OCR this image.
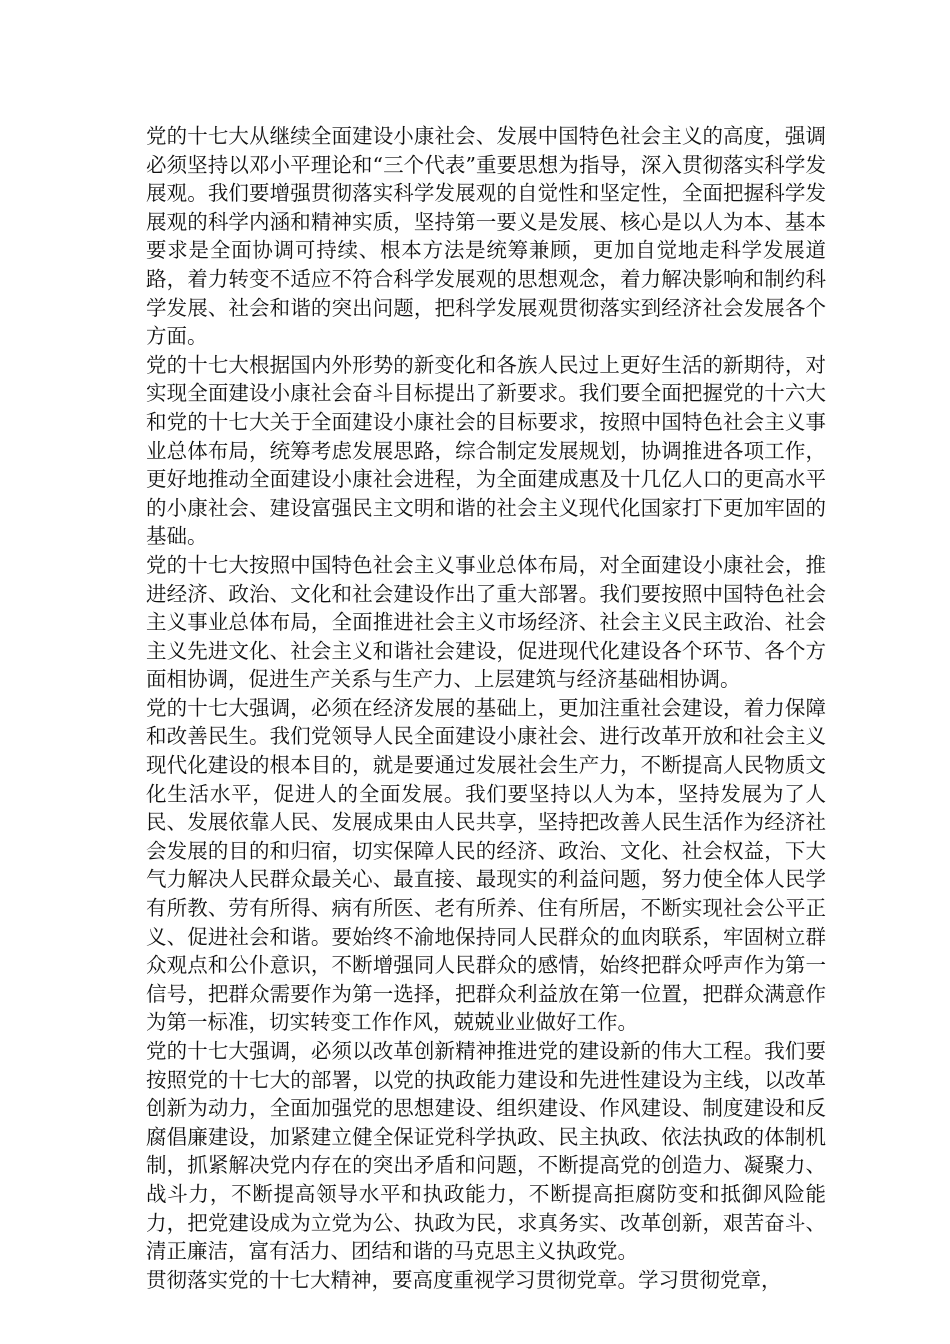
党的十七大从继续全面建设小康社会、发展中国特色社会主义的高度，强调必须坚持以邓小平理论和“三个代表”重要思想为指导，深入贯彻落实科学发展观。我们要增强贯彻落实科学发展观的自觉性和坚定性，全面把握科学发展观的科学内涵和精神实质，坚持第一要义是发展、核心是以人为本、基本要求是全面协调可持续、根本方法是统筹兼顾，更加自觉地走科学发展道路，着力转变不适应不符合科学发展观的思想观念，着力解决影响和制约科学发展、社会和谐的突出问题，把科学发展观贯彻落实到经济社会发展各个方面。

党的十七大根据国内外形势的新变化和各族人民过上更好生活的新期待，对实现全面建设小康社会奋斗目标提出了新要求。我们要全面把握党的十六大和党的十七大关于全面建设小康社会的目标要求，按照中国特色社会主义事业总体布局，统筹考虑发展思路，综合制定发展规划，协调推进各项工作，更好地推动全面建设小康社会进程，为全面建成惠及十几亿人口的更高水平的小康社会、建设富强民主文明和谐的社会主义现代化国家打下更加牢固的基础。

党的十七大按照中国特色社会主义事业总体布局，对全面建设小康社会，推进经济、政治、文化和社会建设作出了重大部署。我们要按照中国特色社会主义事业总体布局，全面推进社会主义市场经济、社会主义民主政治、社会主义先进文化、社会主义和谐社会建设，促进现代化建设各个环节、各个方面相协调，促进生产关系与生产力、上层建筑与经济基础相协调。

党的十七大强调，必须在经济发展的基础上，更加注重社会建设，着力保障和改善民生。我们党领导人民全面建设小康社会、进行改革开放和社会主义现代化建设的根本目的，就是要通过发展社会生产力，不断提高人民物质文化生活水平，促进人的全面发展。我们要坚持以人为本，坚持发展为了人民、发展依靠人民、发展成果由人民共享，坚持把改善人民生活作为经济社会发展的目的和归宿，切实保障人民的经济、政治、文化、社会权益，下大气力解决人民群众最关心、最直接、最现实的利益问题，努力使全体人民学有所教、劳有所得、病有所医、老有所养、住有所居，不断实现社会公平正义、促进社会和谐。要始终不渝地保持同人民群众的血肉联系，牢固树立群众观点和公仆意识，不断增强同人民群众的感情，始终把群众呼声作为第一信号，把群众需要作为第一选择，把群众利益放在第一位置，把群众满意作为第一标准，切实转变工作作风，兢兢业业做好工作。

党的十七大强调，必须以改革创新精神推进党的建设新的伟大工程。我们要按照党的十七大的部署，以党的执政能力建设和先进性建设为主线，以改革创新为动力，全面加强党的思想建设、组织建设、作风建设、制度建设和反腐倡廉建设，加紧建立健全保证党科学执政、民主执政、依法执政的体制机制，抓紧解决党内存在的突出矛盾和问题，不断提高党的创造力、凝聚力、战斗力，不断提高领导水平和执政能力，不断提高拒腐防变和抵御风险能力，把党建设成为立党为公、执政为民，求真务实、改革创新，艰苦奋斗、清正廉洁，富有活力、团结和谐的马克思主义执政党。

贯彻落实党的十七大精神，要高度重视学习贯彻党章。学习贯彻党章，
